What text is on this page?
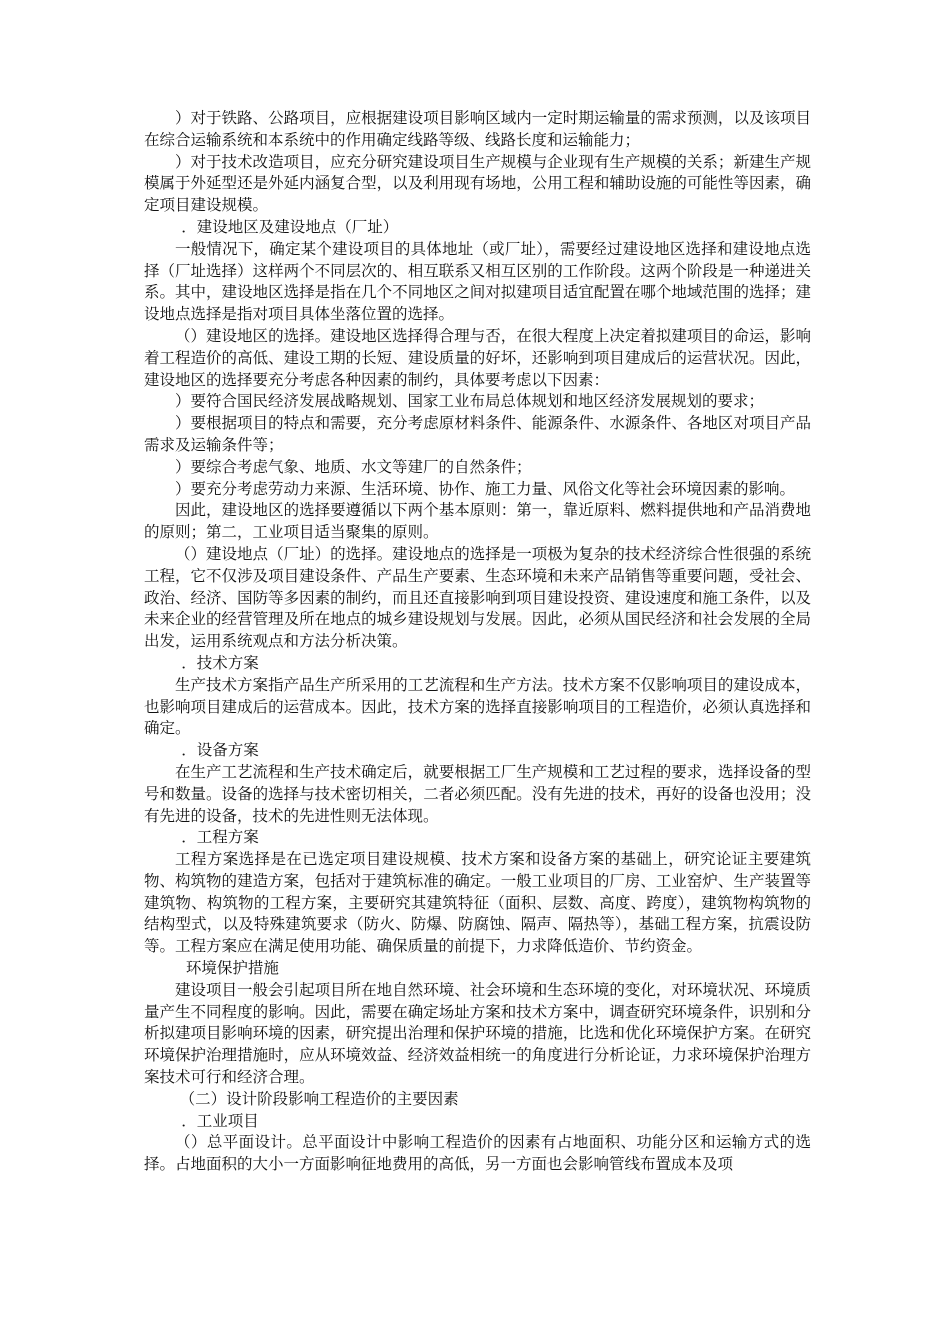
）对于铁路、公路项目，应根据建设项目影响区域内一定时期运输量的需求预测，以及该项目在综合运输系统和本系统中的作用确定线路等级、线路长度和运输能力；

）对于技术改造项目，应充分研究建设项目生产规模与企业现有生产规模的关系；新建生产规模属于外延型还是外延内涵复合型，以及利用现有场地，公用工程和辅助设施的可能性等因素，确定项目建设规模。

．建设地区及建设地点（厂址）

一般情况下，确定某个建设项目的具体地址（或厂址），需要经过建设地区选择和建设地点选择（厂址选择）这样两个不同层次的、相互联系又相互区别的工作阶段。这两个阶段是一种递进关系。其中，建设地区选择是指在几个不同地区之间对拟建项目适宜配置在哪个地域范围的选择；建设地点选择是指对项目具体坐落位置的选择。

（）建设地区的选择。建设地区选择得合理与否，在很大程度上决定着拟建项目的命运，影响着工程造价的高低、建设工期的长短、建设质量的好坏，还影响到项目建成后的运营状况。因此，建设地区的选择要充分考虑各种因素的制约，具体要考虑以下因素：

）要符合国民经济发展战略规划、国家工业布局总体规划和地区经济发展规划的要求；

）要根据项目的特点和需要，充分考虑原材料条件、能源条件、水源条件、各地区对项目产品需求及运输条件等；

）要综合考虑气象、地质、水文等建厂的自然条件；

）要充分考虑劳动力来源、生活环境、协作、施工力量、风俗文化等社会环境因素的影响。

因此，建设地区的选择要遵循以下两个基本原则：第一，靠近原料、燃料提供地和产品消费地的原则；第二，工业项目适当聚集的原则。

（）建设地点（厂址）的选择。建设地点的选择是一项极为复杂的技术经济综合性很强的系统工程，它不仅涉及项目建设条件、产品生产要素、生态环境和未来产品销售等重要问题，受社会、政治、经济、国防等多因素的制约，而且还直接影响到项目建设投资、建设速度和施工条件，以及未来企业的经营管理及所在地点的城乡建设规划与发展。因此，必须从国民经济和社会发展的全局出发，运用系统观点和方法分析决策。

．技术方案

生产技术方案指产品生产所采用的工艺流程和生产方法。技术方案不仅影响项目的建设成本，也影响项目建成后的运营成本。因此，技术方案的选择直接影响项目的工程造价，必须认真选择和确定。

．设备方案

在生产工艺流程和生产技术确定后，就要根据工厂生产规模和工艺过程的要求，选择设备的型号和数量。设备的选择与技术密切相关，二者必须匹配。没有先进的技术，再好的设备也没用；没有先进的设备，技术的先进性则无法体现。

．工程方案

工程方案选择是在已选定项目建设规模、技术方案和设备方案的基础上，研究论证主要建筑物、构筑物的建造方案，包括对于建筑标准的确定。一般工业项目的厂房、工业窑炉、生产装置等建筑物、构筑物的工程方案，主要研究其建筑特征（面积、层数、高度、跨度），建筑物构筑物的结构型式，以及特殊建筑要求（防火、防爆、防腐蚀、隔声、隔热等），基础工程方案，抗震设防等。工程方案应在满足使用功能、确保质量的前提下，力求降低造价、节约资金。

环境保护措施

建设项目一般会引起项目所在地自然环境、社会环境和生态环境的变化，对环境状况、环境质量产生不同程度的影响。因此，需要在确定场址方案和技术方案中，调查研究环境条件，识别和分析拟建项目影响环境的因素，研究提出治理和保护环境的措施，比选和优化环境保护方案。在研究环境保护治理措施时，应从环境效益、经济效益相统一的角度进行分析论证，力求环境保护治理方案技术可行和经济合理。

（二）设计阶段影响工程造价的主要因素

．工业项目

（）总平面设计。总平面设计中影响工程造价的因素有占地面积、功能分区和运输方式的选择。占地面积的大小一方面影响征地费用的高低，另一方面也会影响管线布置成本及项
